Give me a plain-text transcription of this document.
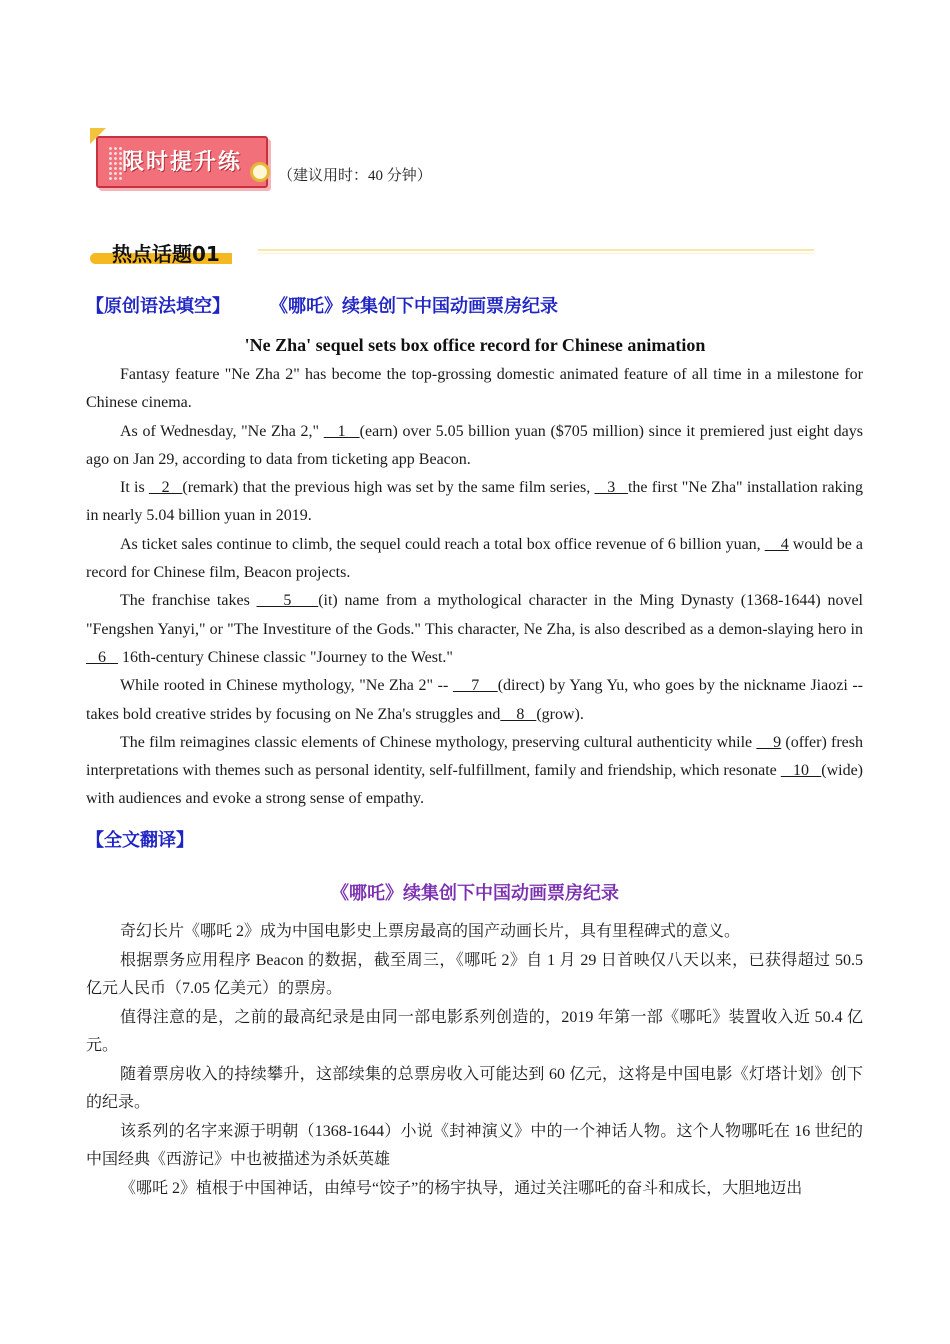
限时提升练
（建议用时：40 分钟）
热点话题01
【原创语法填空】 《哪吒》续集创下中国动画票房纪录
'Ne Zha' sequel sets box office record for Chinese animation

Fantasy feature "Ne Zha 2" has become the top-grossing domestic animated feature of all time in a milestone for Chinese cinema.

As of Wednesday, "Ne Zha 2,"    1   (earn) over 5.05 billion yuan ($705 million) since it premiered just eight days ago on Jan 29, according to data from ticketing app Beacon.

It is    2   (remark) that the previous high was set by the same film series,    3   the first "Ne Zha" installation raking in nearly 5.04 billion yuan in 2019.

As ticket sales continue to climb, the sequel could reach a total box office revenue of 6 billion yuan,     4 would be a record for Chinese film, Beacon projects.

The franchise takes     5    (it) name from a mythological character in the Ming Dynasty (1368-1644) novel "Fengshen Yanyi," or "The Investiture of the Gods." This character, Ne Zha, is also described as a demon-slaying hero in    6    16th-century Chinese classic "Journey to the West."

While rooted in Chinese mythology, "Ne Zha 2" --     7    (direct) by Yang Yu, who goes by the nickname Jiaozi -- takes bold creative strides by focusing on Ne Zha's struggles and    8   (grow).

The film reimagines classic elements of Chinese mythology, preserving cultural authenticity while     9 (offer) fresh interpretations with themes such as personal identity, self-fulfillment, family and friendship, which resonate    10   (wide) with audiences and evoke a strong sense of empathy.

【全文翻译】
《哪吒》续集创下中国动画票房纪录

奇幻长片《哪吒 2》成为中国电影史上票房最高的国产动画长片，具有里程碑式的意义。

根据票务应用程序 Beacon 的数据，截至周三，《哪吒 2》自 1 月 29 日首映仅八天以来，已获得超过 50.5 亿元人民币（7.05 亿美元）的票房。

值得注意的是，之前的最高纪录是由同一部电影系列创造的，2019 年第一部《哪吒》装置收入近 50.4 亿元。

随着票房收入的持续攀升，这部续集的总票房收入可能达到 60 亿元，这将是中国电影《灯塔计划》创下的纪录。

该系列的名字来源于明朝（1368-1644）小说《封神演义》中的一个神话人物。这个人物哪吒在 16 世纪的中国经典《西游记》中也被描述为杀妖英雄

《哪吒 2》植根于中国神话，由绰号“饺子”的杨宇执导，通过关注哪吒的奋斗和成长，大胆地迈出
